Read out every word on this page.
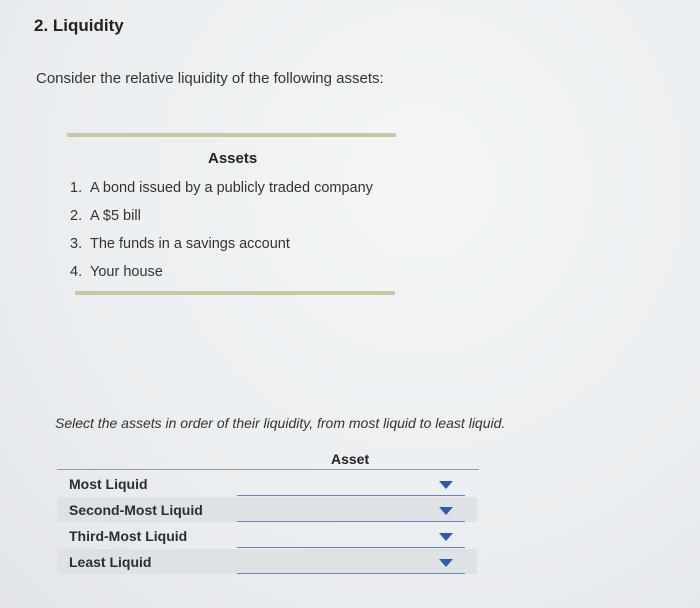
2. Liquidity
Consider the relative liquidity of the following assets:
Assets
1. A bond issued by a publicly traded company
2. A $5 bill
3. The funds in a savings account
4. Your house
Select the assets in order of their liquidity, from most liquid to least liquid.
Asset
Most Liquid
Second-Most Liquid
Third-Most Liquid
Least Liquid
